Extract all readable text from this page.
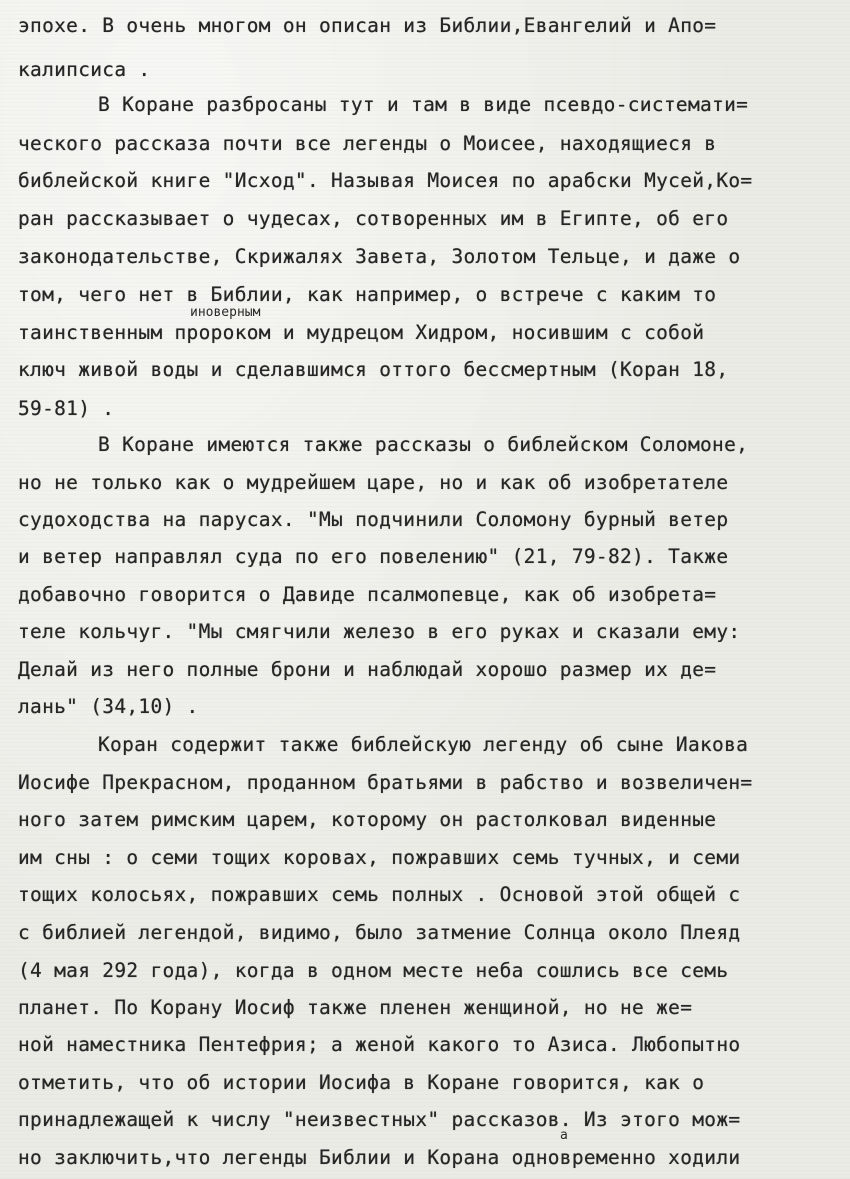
эпохе. В очень многом он описан из Библии,Евангелий и Апо=
калипсиса .
В Коране разбросаны тут и там в виде псевдо-системати=
ческого рассказа почти все легенды о Моисее, находящиеся в
библейской книге "Исход". Называя Моисея по арабски Мусей,Ко=
ран рассказывает о чудесах, сотворенных им в Египте, об его
законодательстве, Скрижалях Завета, Золотом Тельце, и даже о
том, чего нет в Библии, как например, о встрече с каким то
иноверным
таинственным пророком и мудрецом Хидром, носившим с собой
ключ живой воды и сделавшимся оттого бессмертным (Коран 18,
59-81) .
В Коране имеются также рассказы о библейском Соломоне,
но не только как о мудрейшем царе, но и как об изобретателе
судоходства на парусах. "Мы подчинили Соломону бурный ветер
и ветер направлял суда по его повелению" (21, 79-82). Также
добавочно говорится о Давиде псалмопевце, как об изобрета=
теле кольчуг. "Мы смягчили железо в его руках и сказали ему:
Делай из него полные брони и наблюдай хорошо размер их де=
лань" (34,10) .
Коран содержит также библейскую легенду об сыне Иакова
Иосифе Прекрасном, проданном братьями в рабство и возвеличен=
ного затем римским царем, которому он растолковал виденные
им сны : о семи тощих коровах, пожравших семь тучных, и семи
тощих колосьях, пожравших семь полных . Основой этой общей с
с библией легендой, видимо, было затмение Солнца около Плеяд
(4 мая 292 года), когда в одном месте неба сошлись все семь
планет. По Корану Иосиф также пленен женщиной, но не же=
ной наместника Пентефрия; а женой какого то Азиса. Любопытно
отметить, что об истории Иосифа в Коране говорится, как о
принадлежащей к числу "неизвестных" рассказов. Из этого мож=
а
но заключить,что легенды Библии и Корана одновременно ходили
